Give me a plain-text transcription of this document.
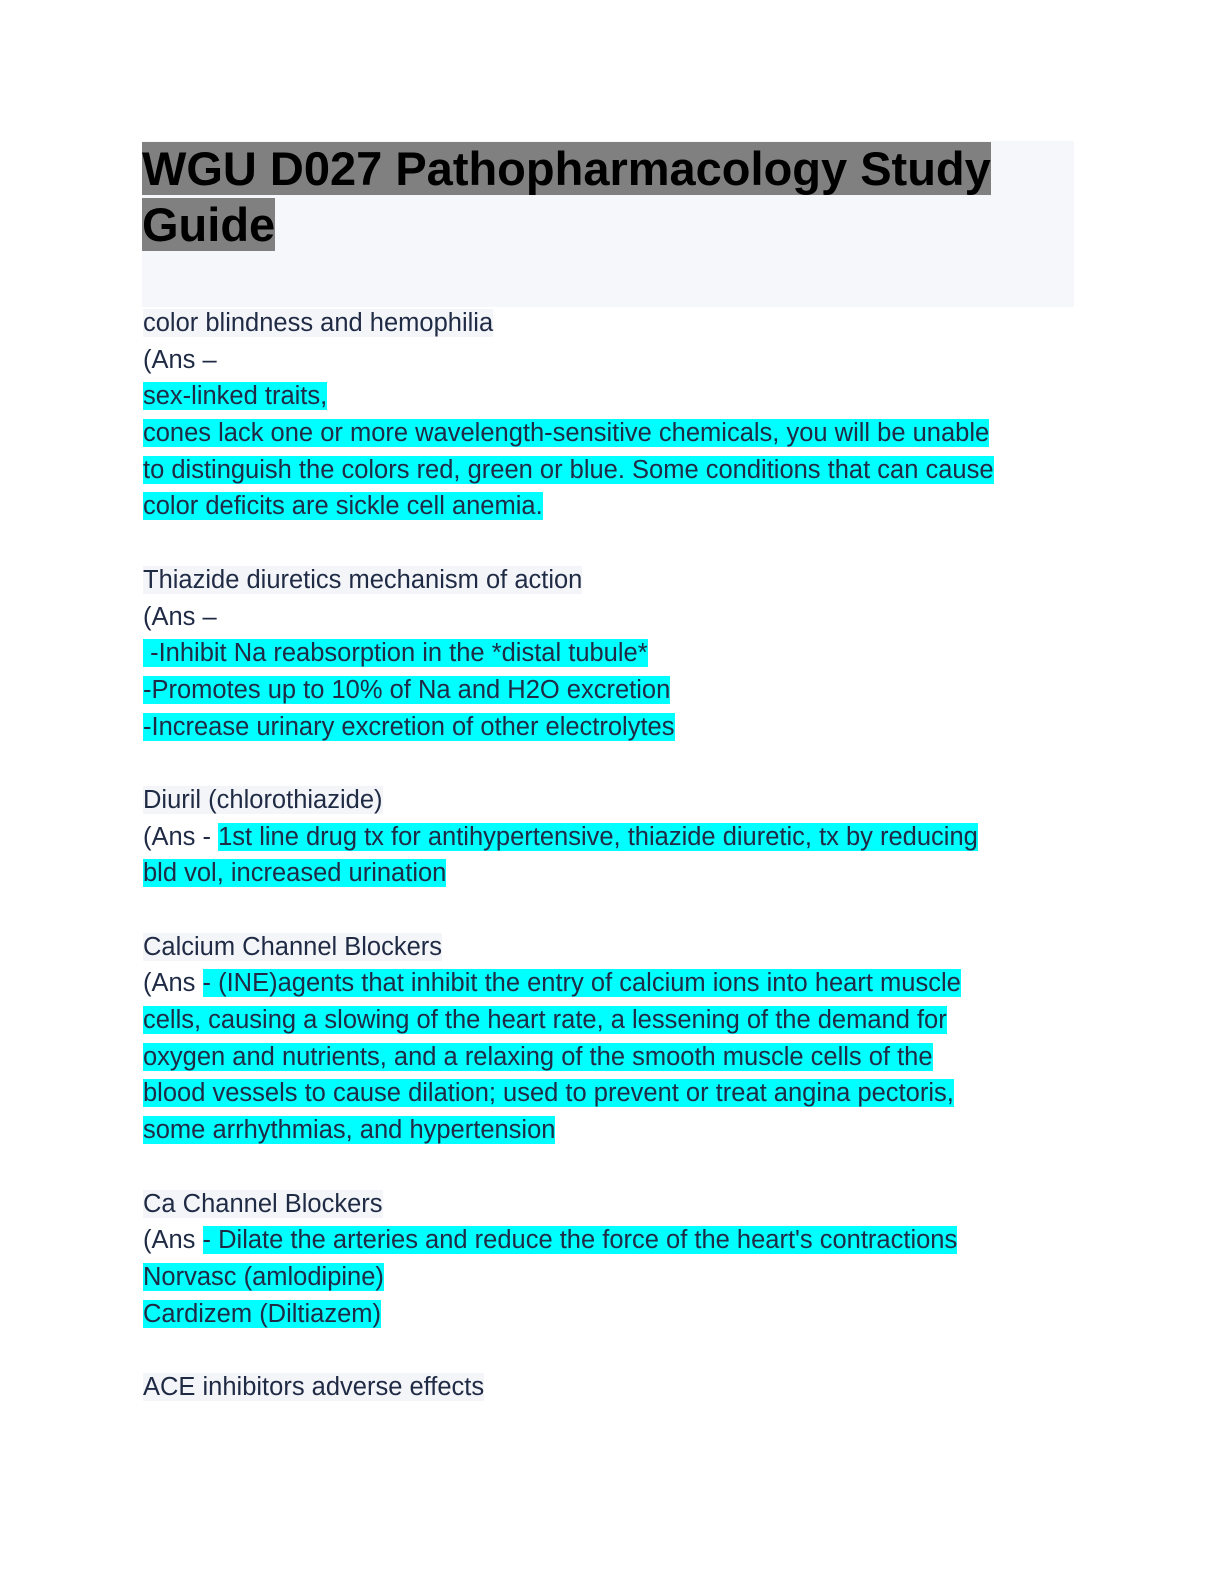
WGU D027 Pathopharmacology Study Guide
color blindness and hemophilia
(Ans –
sex-linked traits,
cones lack one or more wavelength-sensitive chemicals, you will be unable
to distinguish the colors red, green or blue. Some conditions that can cause
color deficits are sickle cell anemia.
Thiazide diuretics mechanism of action
(Ans –
-Inhibit Na reabsorption in the *distal tubule*
-Promotes up to 10% of Na and H2O excretion
-Increase urinary excretion of other electrolytes
Diuril (chlorothiazide)
(Ans - 1st line drug tx for antihypertensive, thiazide diuretic, tx by reducing
bld vol, increased urination
Calcium Channel Blockers
(Ans - (INE)agents that inhibit the entry of calcium ions into heart muscle
cells, causing a slowing of the heart rate, a lessening of the demand for
oxygen and nutrients, and a relaxing of the smooth muscle cells of the
blood vessels to cause dilation; used to prevent or treat angina pectoris,
some arrhythmias, and hypertension
Ca Channel Blockers
(Ans - Dilate the arteries and reduce the force of the heart's contractions
Norvasc (amlodipine)
Cardizem (Diltiazem)
ACE inhibitors adverse effects
